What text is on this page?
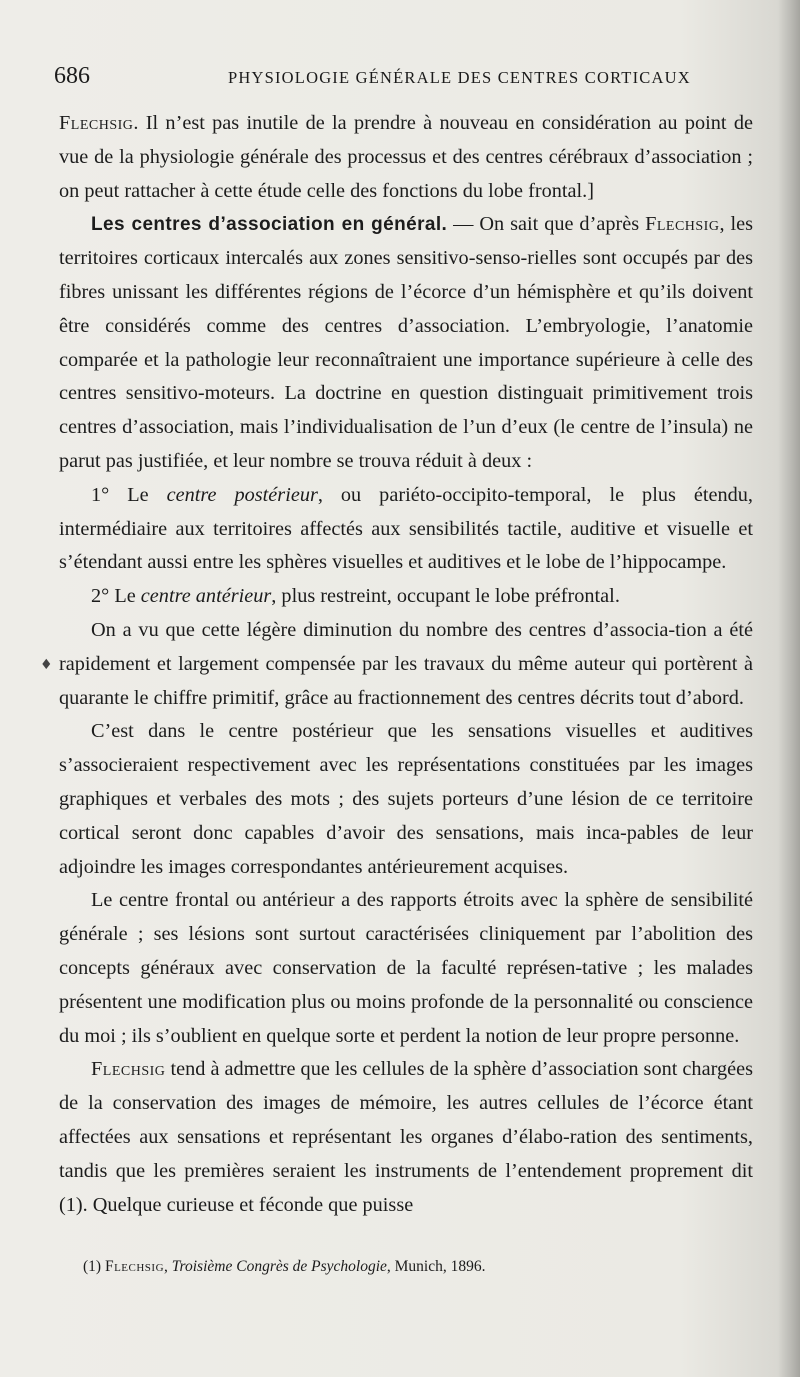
686	PHYSIOLOGIE GÉNÉRALE DES CENTRES CORTICAUX
♦

Flechsig. Il n’est pas inutile de la prendre à nouveau en considération au point de vue de la physiologie générale des processus et des centres cérébraux d’association ; on peut rattacher à cette étude celle des fonctions du lobe frontal.]

Les centres d’association en général. — On sait que d’après Flechsig, les territoires corticaux intercalés aux zones sensitivo-senso-rielles sont occupés par des fibres unissant les différentes régions de l’écorce d’un hémisphère et qu’ils doivent être considérés comme des centres d’association. L’embryologie, l’anatomie comparée et la pathologie leur reconnaîtraient une importance supérieure à celle des centres sensitivo-moteurs. La doctrine en question distinguait primitivement trois centres d’association, mais l’individualisation de l’un d’eux (le centre de l’insula) ne parut pas justifiée, et leur nombre se trouva réduit à deux :

1° Le centre postérieur, ou pariéto-occipito-temporal, le plus étendu, intermédiaire aux territoires affectés aux sensibilités tactile, auditive et visuelle et s’étendant aussi entre les sphères visuelles et auditives et le lobe de l’hippocampe.

2° Le centre antérieur, plus restreint, occupant le lobe préfrontal.

On a vu que cette légère diminution du nombre des centres d’associa-tion a été rapidement et largement compensée par les travaux du même auteur qui portèrent à quarante le chiffre primitif, grâce au fractionnement des centres décrits tout d’abord.

C’est dans le centre postérieur que les sensations visuelles et auditives s’associeraient respectivement avec les représentations constituées par les images graphiques et verbales des mots ; des sujets porteurs d’une lésion de ce territoire cortical seront donc capables d’avoir des sensations, mais inca-pables de leur adjoindre les images correspondantes antérieurement acquises.

Le centre frontal ou antérieur a des rapports étroits avec la sphère de sensibilité générale ; ses lésions sont surtout caractérisées cliniquement par l’abolition des concepts généraux avec conservation de la faculté représen-tative ; les malades présentent une modification plus ou moins profonde de la personnalité ou conscience du moi ; ils s’oublient en quelque sorte et perdent la notion de leur propre personne.

Flechsig tend à admettre que les cellules de la sphère d’association sont chargées de la conservation des images de mémoire, les autres cellules de l’écorce étant affectées aux sensations et représentant les organes d’élabo-ration des sentiments, tandis que les premières seraient les instruments de l’entendement proprement dit (1). Quelque curieuse et féconde que puisse

(1) Flechsig, Troisième Congrès de Psychologie, Munich, 1896.
